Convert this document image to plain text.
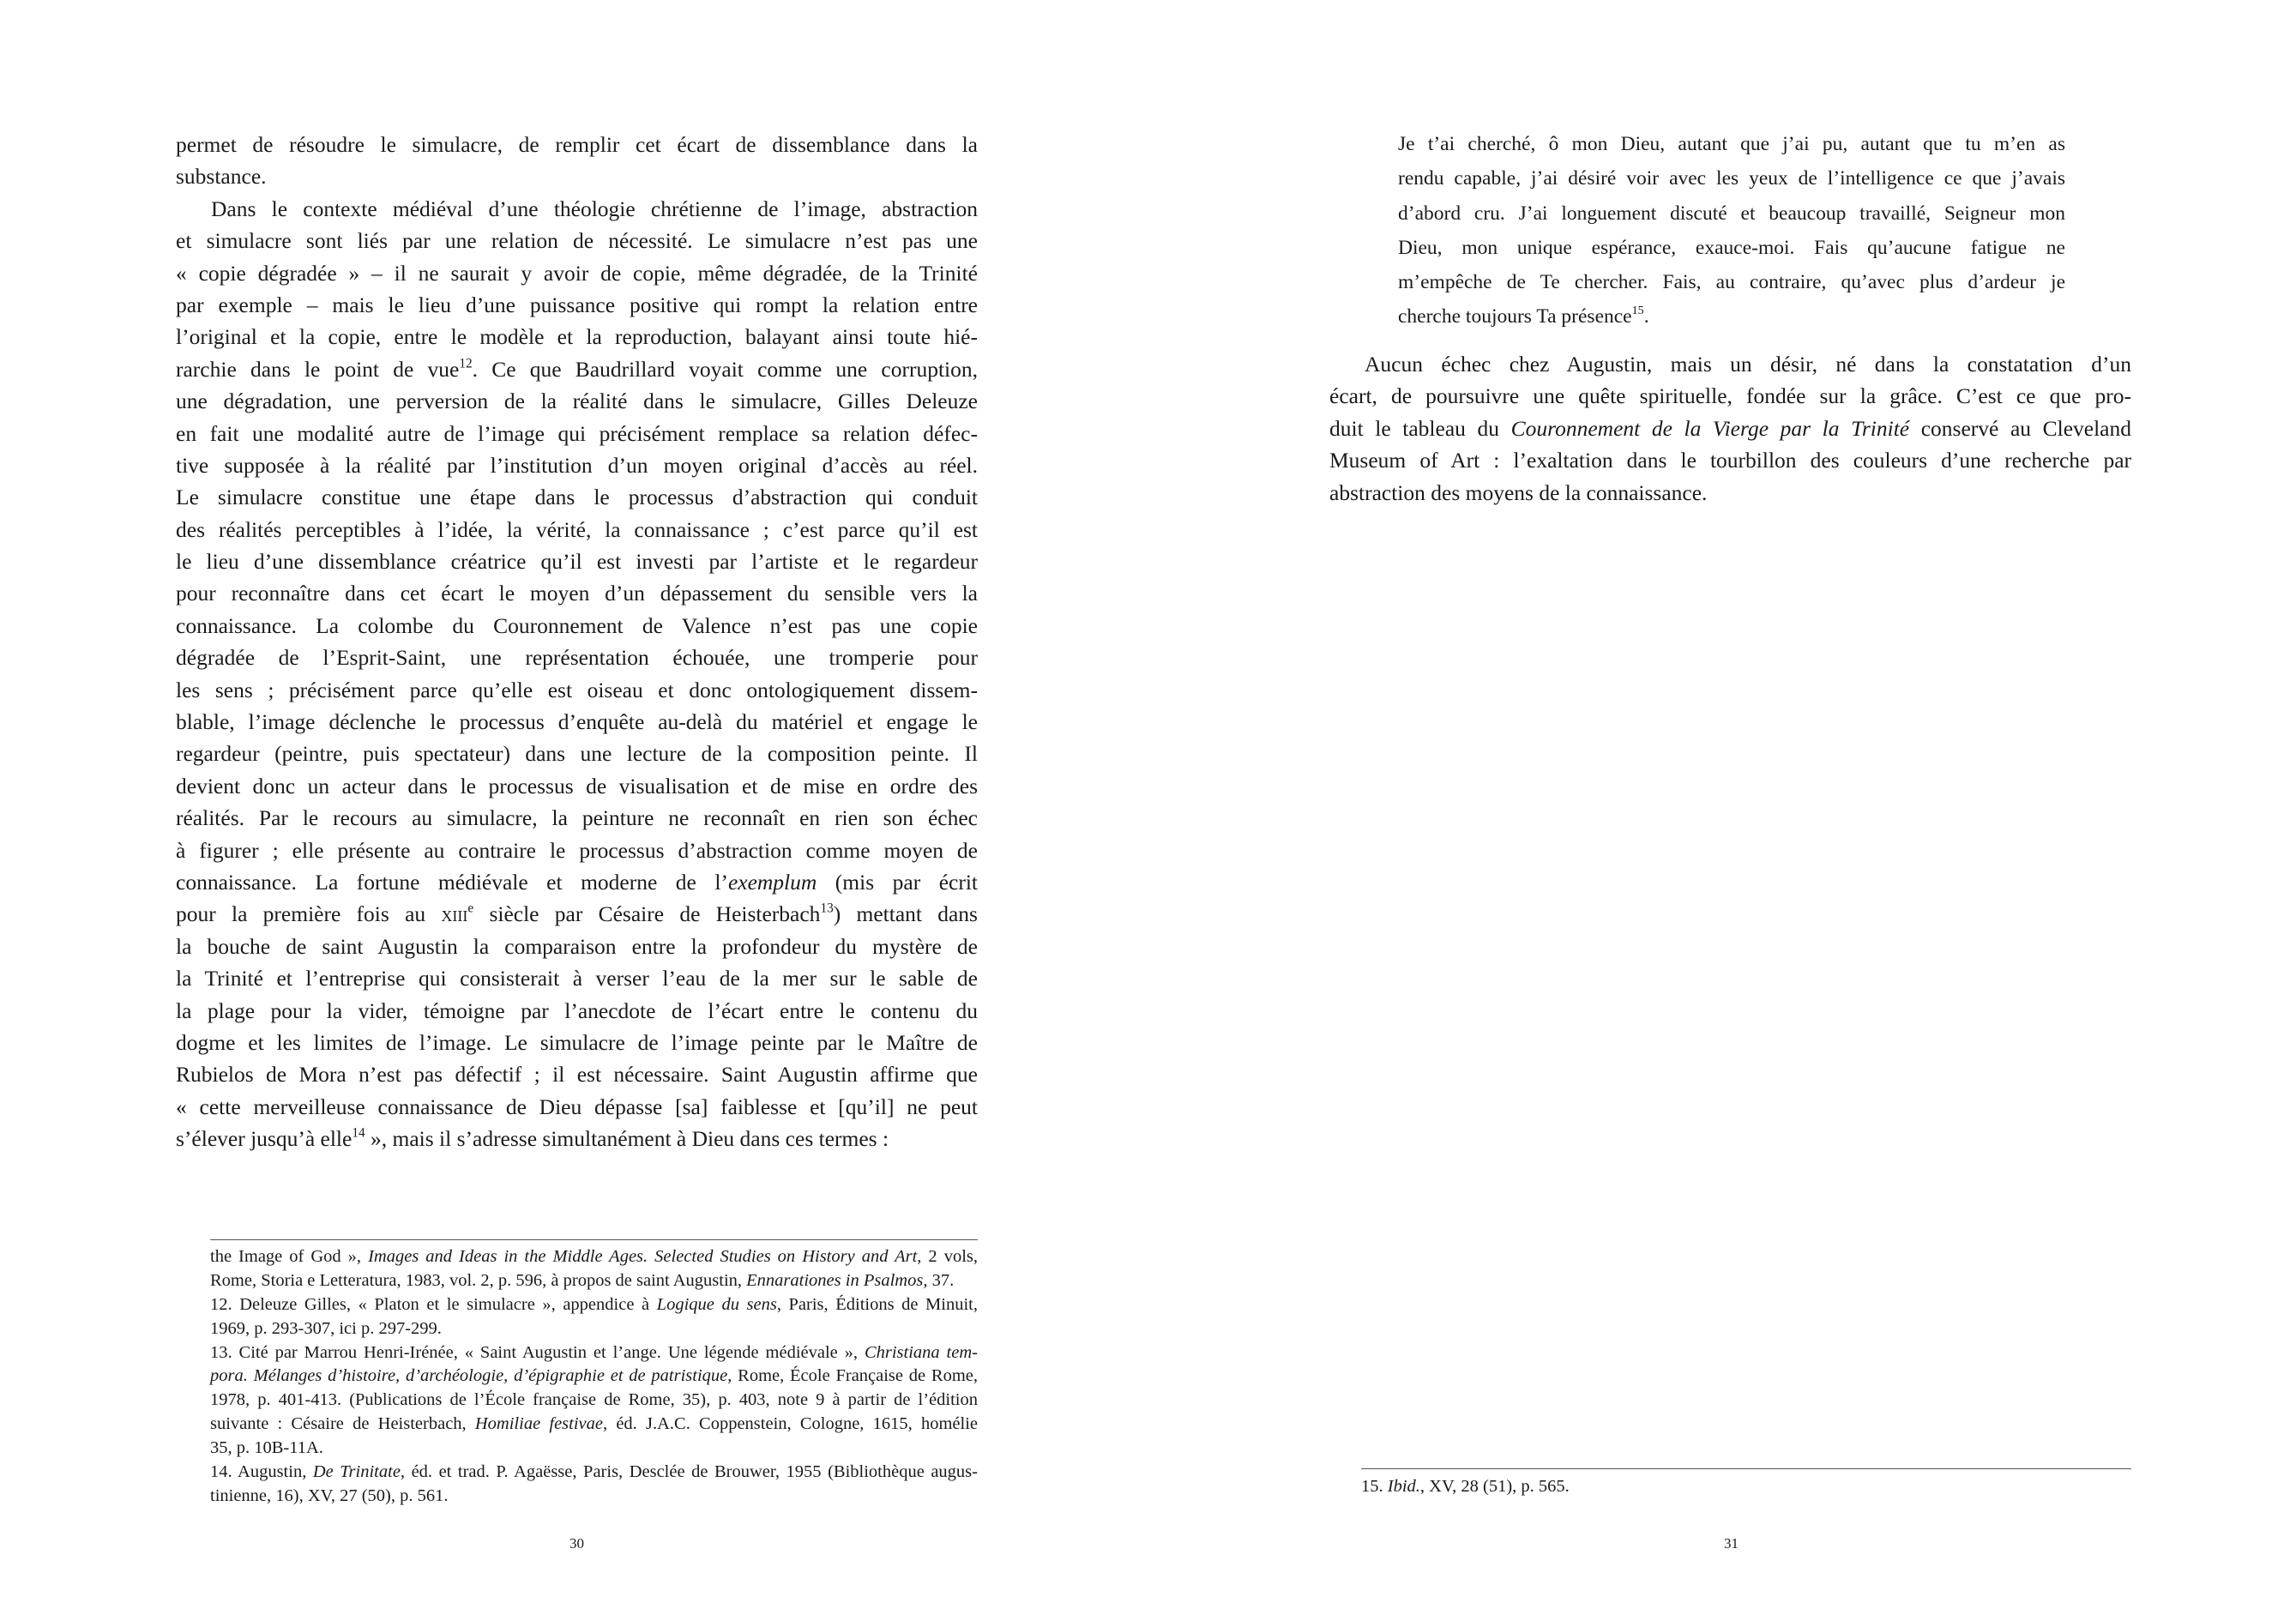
permet de résoudre le simulacre, de remplir cet écart de dissemblance dans la
substance.
Dans le contexte médiéval d’une théologie chrétienne de l’image, abstraction
et simulacre sont liés par une relation de nécessité. Le simulacre n’est pas une
« copie dégradée » – il ne saurait y avoir de copie, même dégradée, de la Trinité
par exemple – mais le lieu d’une puissance positive qui rompt la relation entre
l’original et la copie, entre le modèle et la reproduction, balayant ainsi toute hié-
rarchie dans le point de vue$^{12}$. Ce que Baudrillard voyait comme une corruption,
une dégradation, une perversion de la réalité dans le simulacre, Gilles Deleuze
en fait une modalité autre de l’image qui précisément remplace sa relation défec-
tive supposée à la réalité par l’institution d’un moyen original d’accès au réel.
Le simulacre constitue une étape dans le processus d’abstraction qui conduit
des réalités perceptibles à l’idée, la vérité, la connaissance ; c’est parce qu’il est
le lieu d’une dissemblance créatrice qu’il est investi par l’artiste et le regardeur
pour reconnaître dans cet écart le moyen d’un dépassement du sensible vers la
connaissance. La colombe du Couronnement de Valence n’est pas une copie
dégradée de l’Esprit-Saint, une représentation échouée, une tromperie pour
les sens ; précisément parce qu’elle est oiseau et donc ontologiquement dissem-
blable, l’image déclenche le processus d’enquête au-delà du matériel et engage le
regardeur (peintre, puis spectateur) dans une lecture de la composition peinte. Il
devient donc un acteur dans le processus de visualisation et de mise en ordre des
réalités. Par le recours au simulacre, la peinture ne reconnaît en rien son échec
à figurer ; elle présente au contraire le processus d’abstraction comme moyen de
connaissance. La fortune médiévale et moderne de l’exemplum (mis par écrit
pour la première fois au xiii$^e$ siècle par Césaire de Heisterbach$^{13}$) mettant dans
la bouche de saint Augustin la comparaison entre la profondeur du mystère de
la Trinité et l’entreprise qui consisterait à verser l’eau de la mer sur le sable de
la plage pour la vider, témoigne par l’anecdote de l’écart entre le contenu du
dogme et les limites de l’image. Le simulacre de l’image peinte par le Maître de
Rubielos de Mora n’est pas défectif ; il est nécessaire. Saint Augustin affirme que
« cette merveilleuse connaissance de Dieu dépasse [sa] faiblesse et [qu’il] ne peut
s’élever jusqu’à elle$^{14}$ », mais il s’adresse simultanément à Dieu dans ces termes :
the Image of God », Images and Ideas in the Middle Ages. Selected Studies on History and Art, 2 vols,
Rome, Storia e Letteratura, 1983, vol. 2, p. 596, à propos de saint Augustin, Ennarationes in Psalmos, 37.
12. Deleuze Gilles, « Platon et le simulacre », appendice à Logique du sens, Paris, Éditions de Minuit,
1969, p. 293-307, ici p. 297-299.
13. Cité par Marrou Henri-Irénée, « Saint Augustin et l’ange. Une légende médiévale », Christiana tem-
pora. Mélanges d’histoire, d’archéologie, d’épigraphie et de patristique, Rome, École Française de Rome,
1978, p. 401-413. (Publications de l’École française de Rome, 35), p. 403, note 9 à partir de l’édition
suivante : Césaire de Heisterbach, Homiliae festivae, éd. J.A.C. Coppenstein, Cologne, 1615, homélie
35, p. 10B-11A.
14. Augustin, De Trinitate, éd. et trad. P. Agaësse, Paris, Desclée de Brouwer, 1955 (Bibliothèque augus-
tinienne, 16), XV, 27 (50), p. 561.
30
Je t’ai cherché, ô mon Dieu, autant que j’ai pu, autant que tu m’en as
rendu capable, j’ai désiré voir avec les yeux de l’intelligence ce que j’avais
d’abord cru. J’ai longuement discuté et beaucoup travaillé, Seigneur mon
Dieu, mon unique espérance, exauce-moi. Fais qu’aucune fatigue ne
m’empêche de Te chercher. Fais, au contraire, qu’avec plus d’ardeur je
cherche toujours Ta présence$^{15}$.
Aucun échec chez Augustin, mais un désir, né dans la constatation d’un
écart, de poursuivre une quête spirituelle, fondée sur la grâce. C’est ce que pro-
duit le tableau du Couronnement de la Vierge par la Trinité conservé au Cleveland
Museum of Art : l’exaltation dans le tourbillon des couleurs d’une recherche par
abstraction des moyens de la connaissance.
15. Ibid., XV, 28 (51), p. 565.
31
